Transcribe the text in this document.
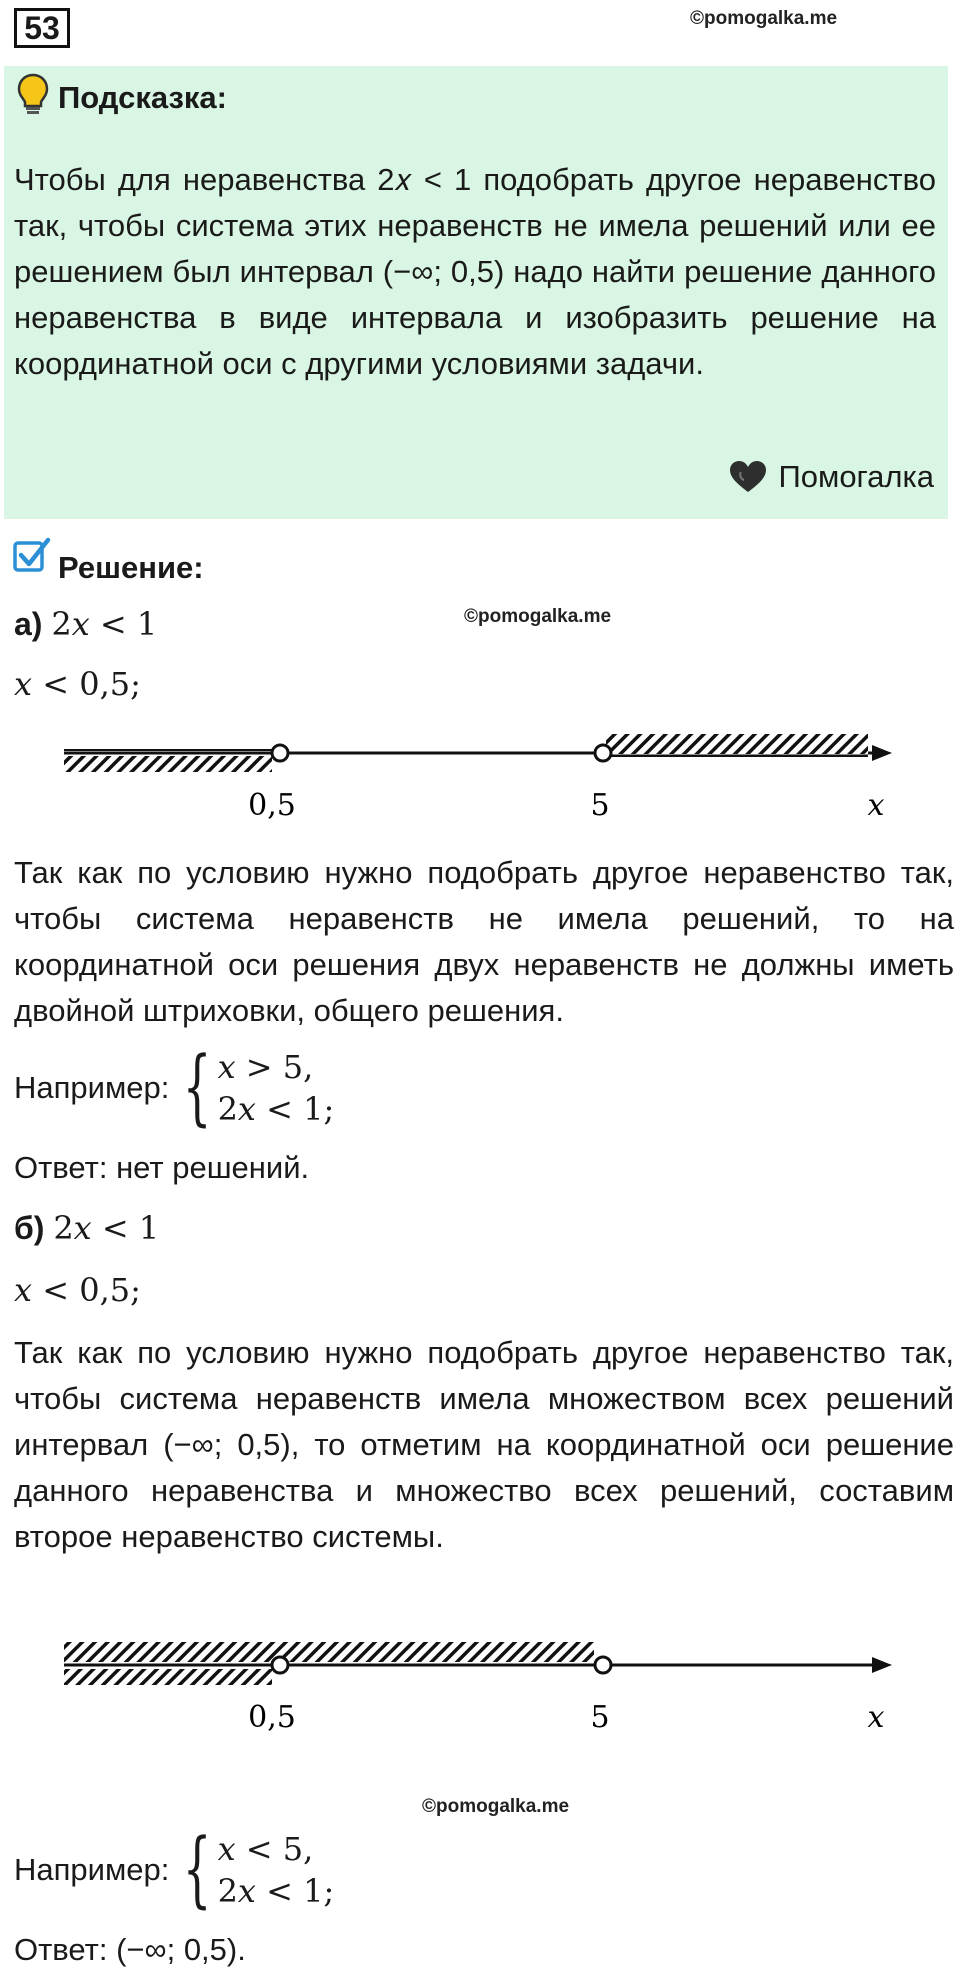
53	©pomogalka.me
Подсказка:
Чтобы для неравенства 2𝑥 < 1 подобрать другое неравенство так, чтобы система этих неравенств не имела решений или ее решением был интервал (−∞; 0,5) надо найти решение данного неравенства в виде интервала и изобразить решение на координатной оси с другими условиями задачи.
Помогалка
Решение:
а) 2𝑥 < 1	©pomogalka.me
𝑥 < 0,5;
0,5	5	𝑥
Так как по условию нужно подобрать другое неравенство так, чтобы система неравенств не имела решений, то на координатной оси решения двух неравенств не должны иметь двойной штриховки, общего решения.
Например: { 𝑥 > 5,
2𝑥 < 1;
Ответ: нет решений.
б) 2𝑥 < 1
𝑥 < 0,5;
Так как по условию нужно подобрать другое неравенство так, чтобы система неравенств имела множеством всех решений интервал (−∞; 0,5), то отметим на координатной оси решение данного неравенства и множество всех решений, составим второе неравенство системы.
0,5	5	𝑥
©pomogalka.me
Например: { 𝑥 < 5,
2𝑥 < 1;
Ответ: (−∞; 0,5).
